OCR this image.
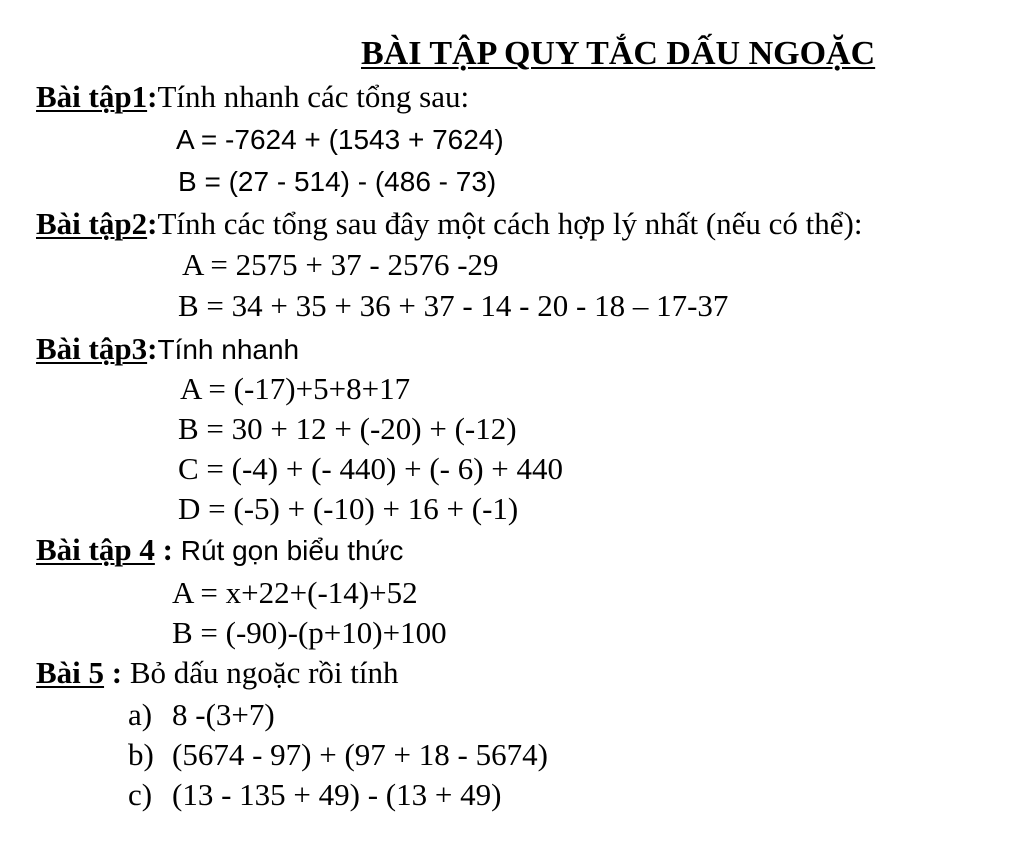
BÀI TẬP QUY TẮC DẤU NGOẶC
Bài tập1:Tính nhanh các tổng sau:
A = -7624 + (1543 + 7624)
B = (27 - 514) - (486 - 73)
Bài tập2:Tính các tổng sau đây một cách hợp lý nhất (nếu có thể):
A = 2575 + 37 - 2576 -29
B = 34 + 35 + 36 + 37 - 14 - 20 - 18 – 17-37
Bài tập3:Tính nhanh
A = (-17)+5+8+17
B = 30 + 12 + (-20) + (-12)
C = (-4) + (- 440) + (- 6) + 440
D = (-5) + (-10) + 16 + (-1)
Bài tập 4 : Rút gọn biểu thức
A = x+22+(-14)+52
B = (-90)-(p+10)+100
Bài 5 : Bỏ dấu ngoặc rồi tính
a) 8 -(3+7)
b) (5674 - 97) + (97 + 18 - 5674)
c) (13 - 135 + 49) - (13 + 49)
